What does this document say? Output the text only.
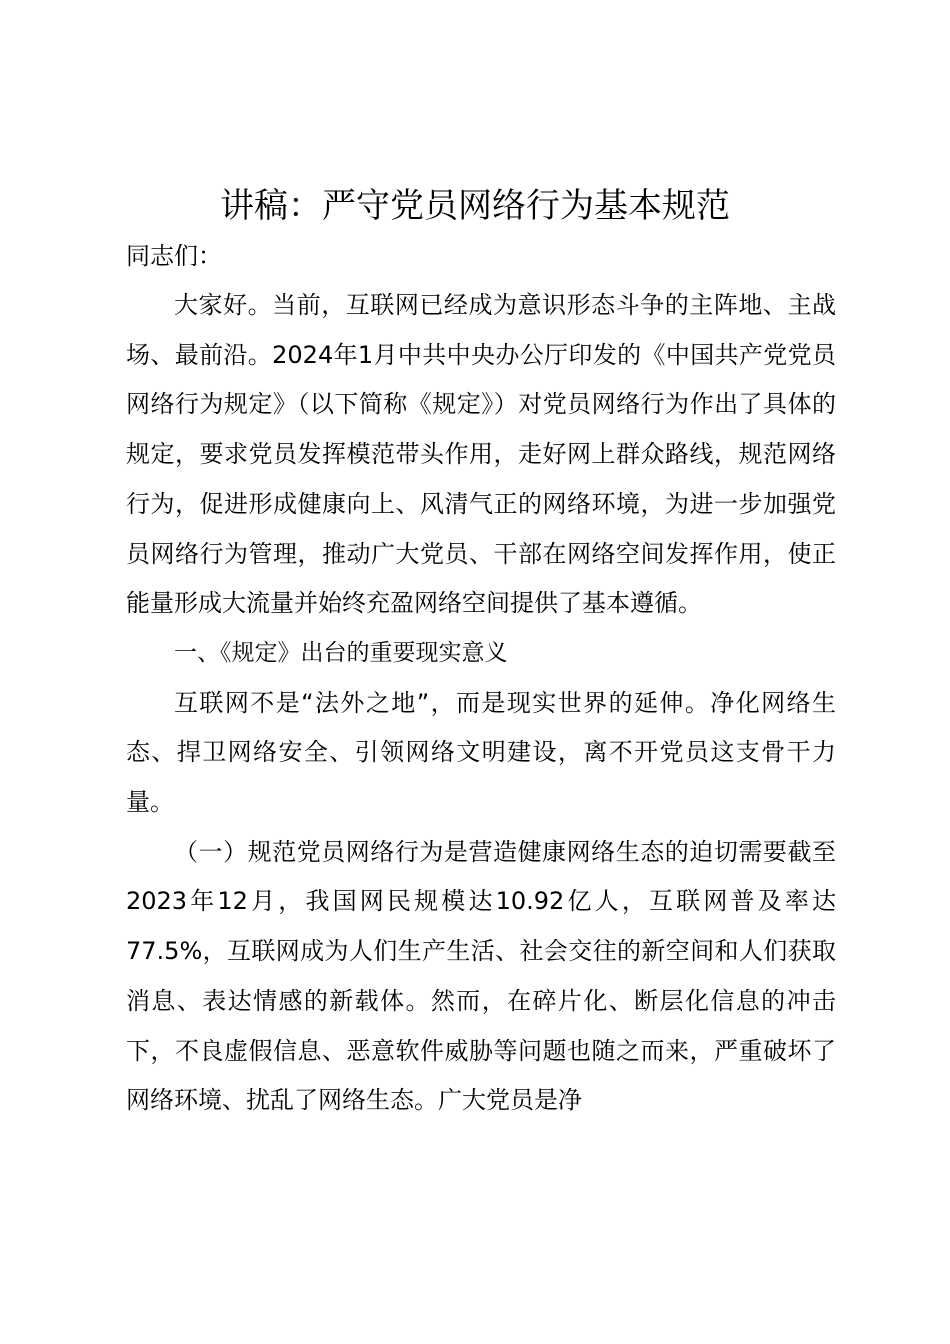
讲稿：严守党员网络行为基本规范
同志们：

大家好。当前，互联网已经成为意识形态斗争的主阵地、主战场、最前沿。2024年1月中共中央办公厅印发的《中国共产党党员网络行为规定》（以下简称《规定》）对党员网络行为作出了具体的规定，要求党员发挥模范带头作用，走好网上群众路线，规范网络行为，促进形成健康向上、风清气正的网络环境，为进一步加强党员网络行为管理，推动广大党员、干部在网络空间发挥作用，使正能量形成大流量并始终充盈网络空间提供了基本遵循。

一、《规定》出台的重要现实意义

互联网不是“法外之地”，而是现实世界的延伸。净化网络生态、捍卫网络安全、引领网络文明建设，离不开党员这支骨干力量。

（一）规范党员网络行为是营造健康网络生态的迫切需要截至2023年12月，我国网民规模达10.92亿人，互联网普及率达77.5%，互联网成为人们生产生活、社会交往的新空间和人们获取消息、表达情感的新载体。然而，在碎片化、断层化信息的冲击下，不良虚假信息、恶意软件威胁等问题也随之而来，严重破坏了网络环境、扰乱了网络生态。广大党员是净
